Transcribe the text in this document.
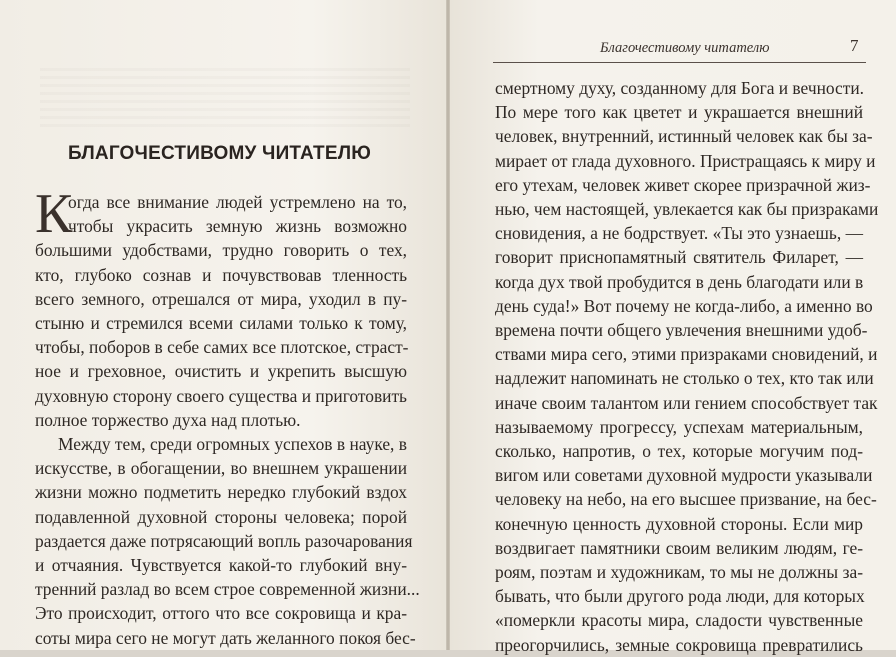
БЛАГОЧЕСТИВОМУ ЧИТАТЕЛЮ
К
огда все внимание людей устремлено на то,
чтобы украсить земную жизнь возможно
большими удобствами, трудно говорить о тех,
кто, глубоко сознав и почувствовав тленность
всего земного, отрешался от мира, уходил в пу-
стыню и стремился всеми силами только к тому,
чтобы, поборов в себе самих все плотское, страст-
ное и греховное, очистить и укрепить высшую
духовную сторону своего существа и приготовить
полное торжество духа над плотью.
Между тем, среди огромных успехов в науке, в
искусстве, в обогащении, во внешнем украшении
жизни можно подметить нередко глубокий вздох
подавленной духовной стороны человека; порой
раздается даже потрясающий вопль разочарования
и отчаяния. Чувствуется какой-то глубокий вну-
тренний разлад во всем строе современной жизни...
Это происходит, оттого что все сокровища и кра-
соты мира сего не могут дать желанного покоя бес-

Благочестивому читателю	7

смертному духу, созданному для Бога и вечности.
По мере того как цветет и украшается внешний
человек, внутренний, истинный человек как бы за-
мирает от глада духовного. Пристращаясь к миру и
его утехам, человек живет скорее призрачной жиз-
нью, чем настоящей, увлекается как бы призраками
сновидения, а не бодрствует. «Ты это узнаешь, —
говорит приснопамятный святитель Филарет, —
когда дух твой пробудится в день благодати или в
день суда!» Вот почему не когда-либо, а именно во
времена почти общего увлечения внешними удоб-
ствами мира сего, этими призраками сновидений, и
надлежит напоминать не столько о тех, кто так или
иначе своим талантом или гением способствует так
называемому прогрессу, успехам материальным,
сколько, напротив, о тех, которые могучим под-
вигом или советами духовной мудрости указывали
человеку на небо, на его высшее призвание, на бес-
конечную ценность духовной стороны. Если мир
воздвигает памятники своим великим людям, ге-
роям, поэтам и художникам, то мы не должны за-
бывать, что были другого рода люди, для которых
«померкли красоты мира, сладости чувственные
преогорчились, земные сокровища превратились
